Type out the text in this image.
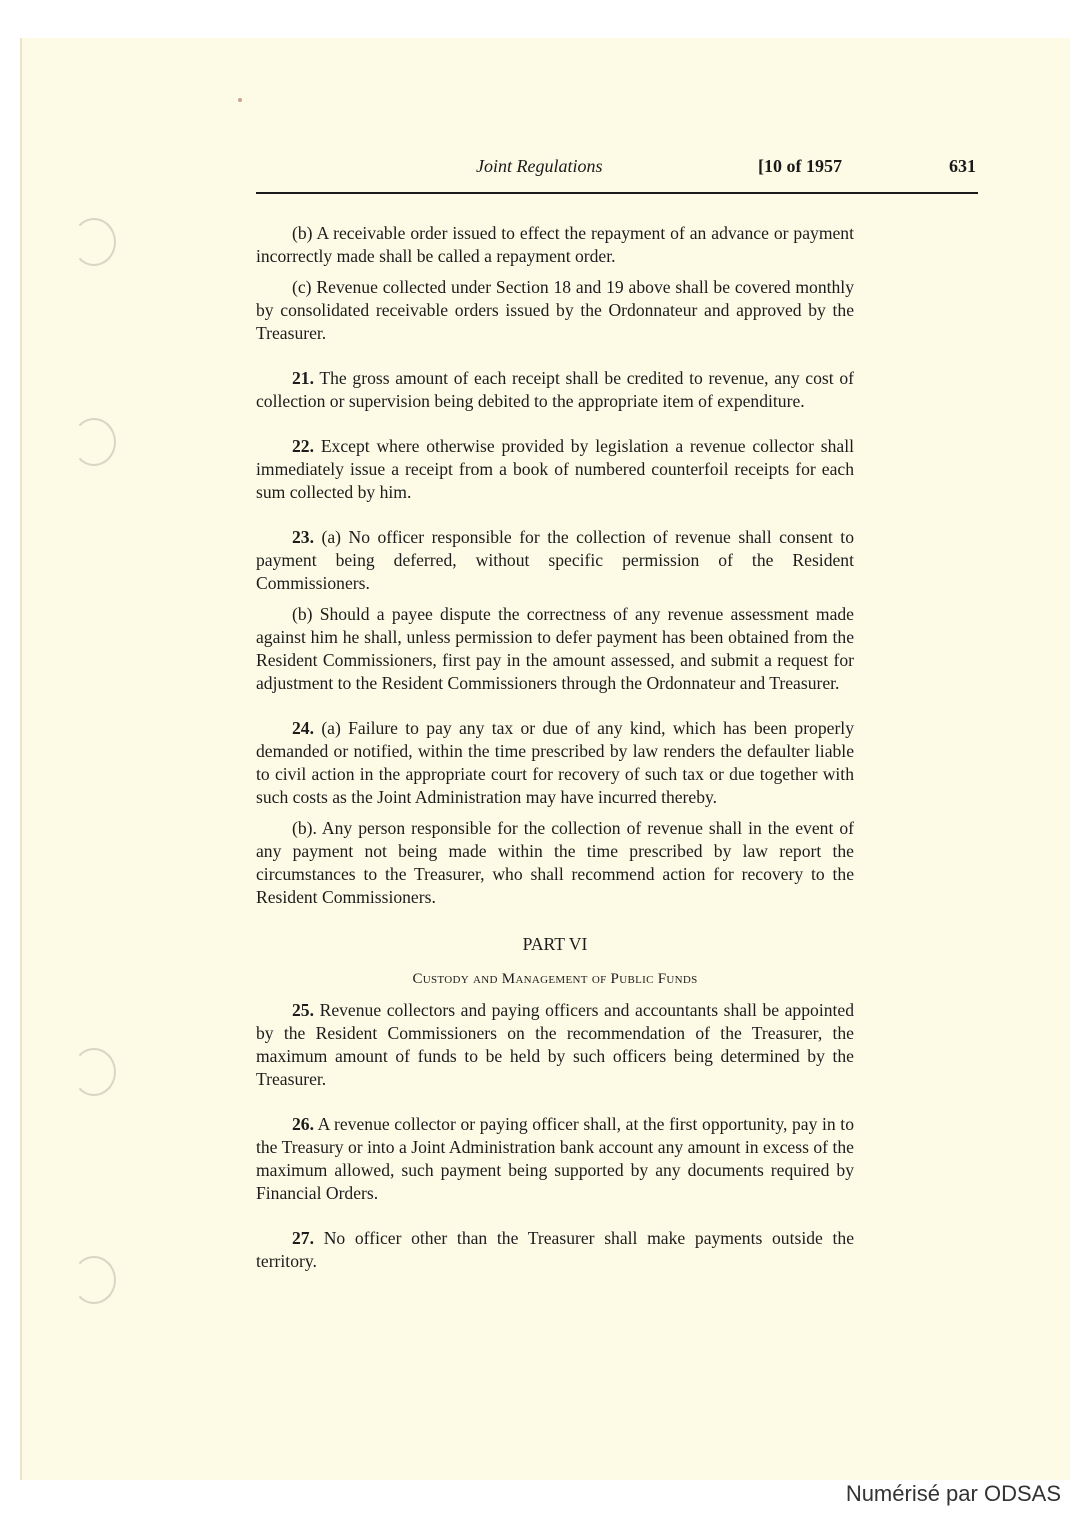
Joint Regulations	[10 of 1957	631

(b) A receivable order issued to effect the repayment of an advance or payment incorrectly made shall be called a repayment order.

(c) Revenue collected under Section 18 and 19 above shall be covered monthly by consolidated receivable orders issued by the Ordonnateur and approved by the Treasurer.

21. The gross amount of each receipt shall be credited to revenue, any cost of collection or supervision being debited to the appropriate item of expenditure.

22. Except where otherwise provided by legislation a revenue collector shall immediately issue a receipt from a book of numbered counterfoil receipts for each sum collected by him.

23. (a) No officer responsible for the collection of revenue shall consent to payment being deferred, without specific permission of the Resident Commissioners.

(b) Should a payee dispute the correctness of any revenue assessment made against him he shall, unless permission to defer payment has been obtained from the Resident Commissioners, first pay in the amount assessed, and submit a request for adjustment to the Resident Commissioners through the Ordonnateur and Treasurer.

24. (a) Failure to pay any tax or due of any kind, which has been properly demanded or notified, within the time prescribed by law renders the defaulter liable to civil action in the appropriate court for recovery of such tax or due together with such costs as the Joint Administration may have incurred thereby.

(b). Any person responsible for the collection of revenue shall in the event of any payment not being made within the time prescribed by law report the circumstances to the Treasurer, who shall recommend action for recovery to the Resident Commissioners.

PART VI

Custody and Management of Public Funds

25. Revenue collectors and paying officers and accountants shall be appointed by the Resident Commissioners on the recommendation of the Treasurer, the maximum amount of funds to be held by such officers being determined by the Treasurer.

26. A revenue collector or paying officer shall, at the first opportunity, pay in to the Treasury or into a Joint Administration bank account any amount in excess of the maximum allowed, such payment being supported by any documents required by Financial Orders.

27. No officer other than the Treasurer shall make payments outside the territory.

Numérisé par ODSAS
